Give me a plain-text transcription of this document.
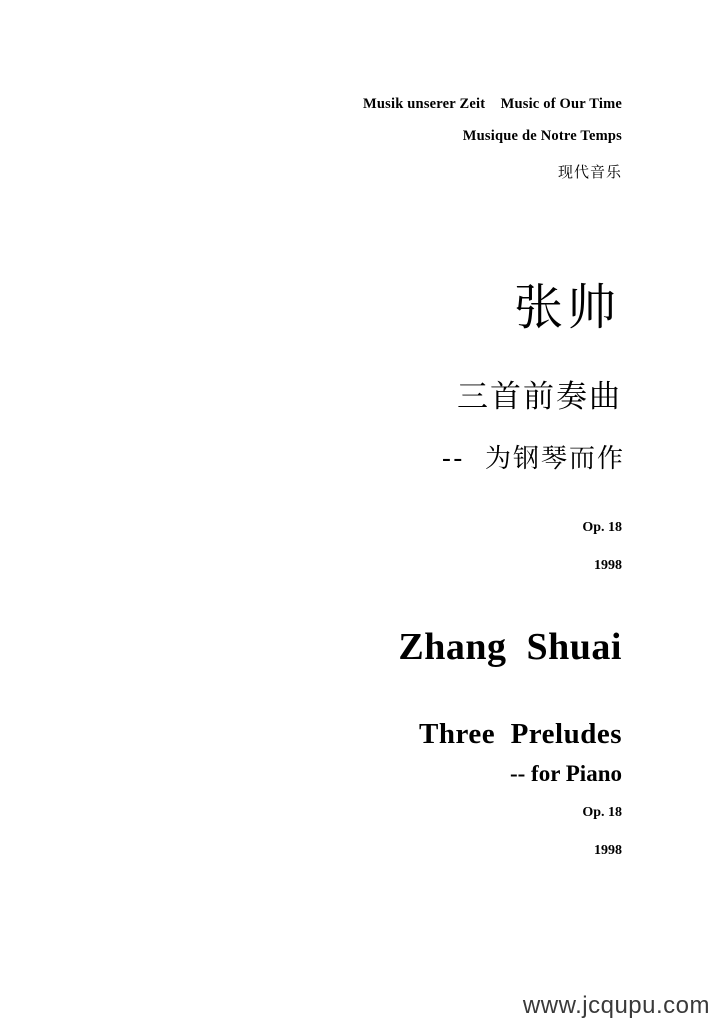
Musik unserer Zeit    Music of Our Time
Musique de Notre Temps
现代音乐
张帅
三首前奏曲
--  为钢琴而作
Op. 18
1998
Zhang  Shuai
Three  Preludes
-- for Piano
Op. 18
1998
www.jcqupu.com
